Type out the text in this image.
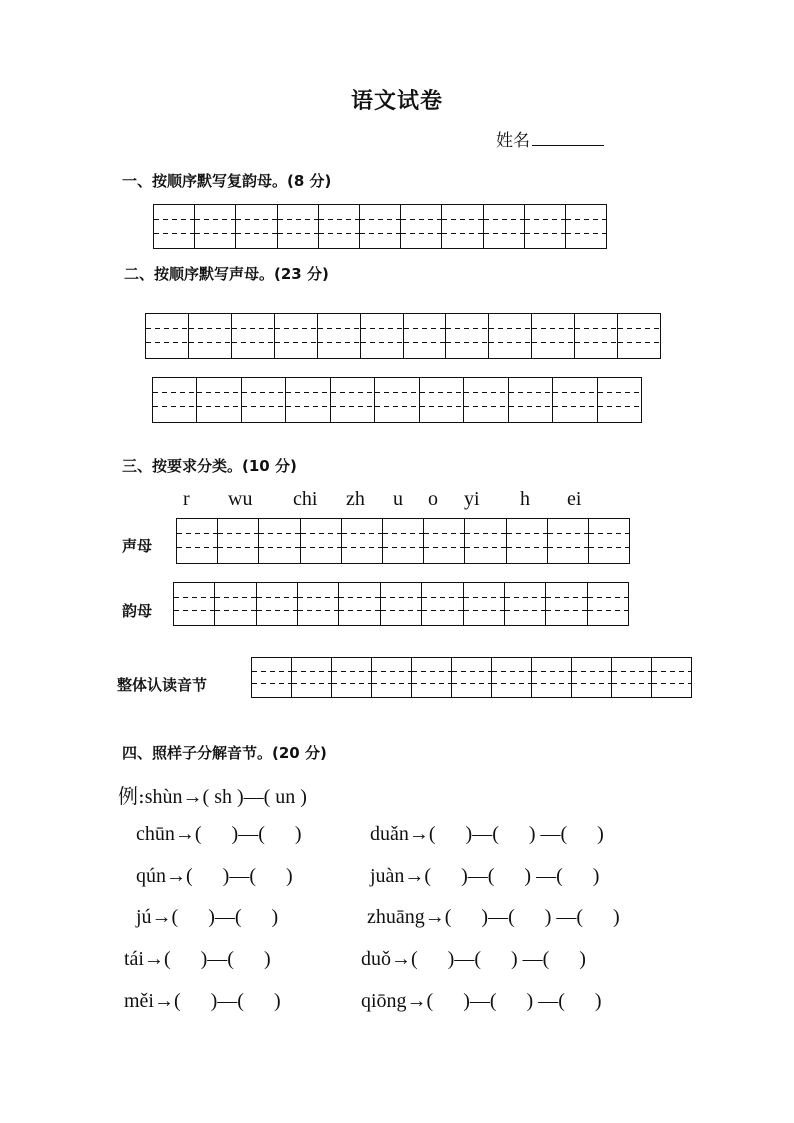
语文试卷
姓名
一、按顺序默写复韵母。(8 分)
二、按顺序默写声母。(23 分)
三、按要求分类。(10 分)
r wu chi zh u o yi h ei
声母
韵母
整体认读音节
四、照样子分解音节。(20 分)
例:shùn→( sh )—( un )
chūn→(      )—(      )	duǎn→(      )—(      ) —(      )
qún→(      )—(      )	juàn→(      )—(      ) —(      )
jú→(      )—(      )	zhuāng→(      )—(      ) —(      )
tái→(      )—(      )	duǒ→(      )—(      ) —(      )
měi→(      )—(      )	qiōng→(      )—(      ) —(      )
